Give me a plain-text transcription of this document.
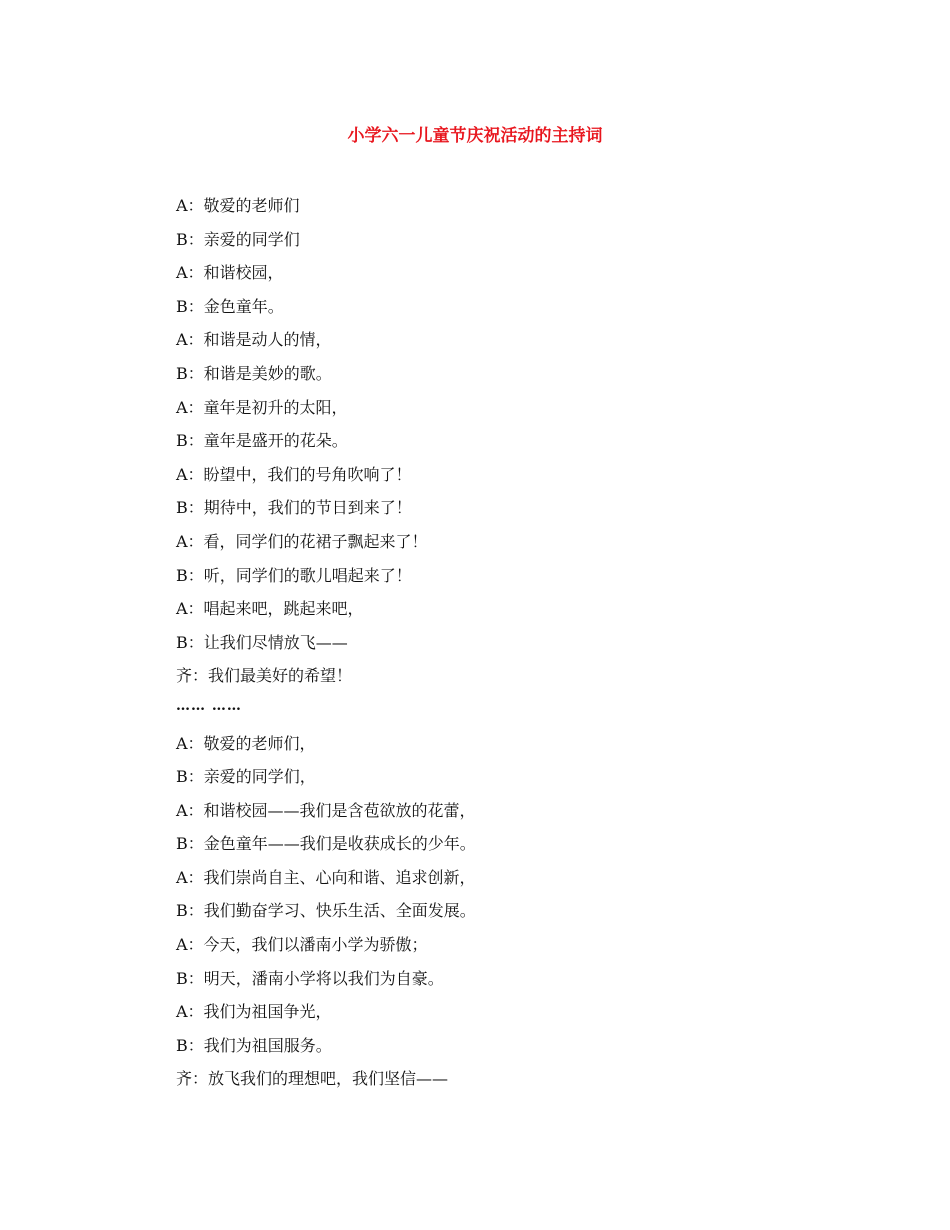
小学六一儿童节庆祝活动的主持词
A：敬爱的老师们
B：亲爱的同学们
A：和谐校园，
B：金色童年。
A：和谐是动人的情，
B：和谐是美妙的歌。
A：童年是初升的太阳，
B：童年是盛开的花朵。
A：盼望中，我们的号角吹响了！
B：期待中，我们的节日到来了！
A：看，同学们的花裙子飘起来了！
B：听，同学们的歌儿唱起来了！
A：唱起来吧，跳起来吧，
B：让我们尽情放飞——
齐：我们最美好的希望！
…… ……
A：敬爱的老师们，
B：亲爱的同学们，
A：和谐校园——我们是含苞欲放的花蕾，
B：金色童年——我们是收获成长的少年。
A：我们崇尚自主、心向和谐、追求创新，
B：我们勤奋学习、快乐生活、全面发展。
A：今天，我们以潘南小学为骄傲；
B：明天，潘南小学将以我们为自豪。
A：我们为祖国争光，
B：我们为祖国服务。
齐：放飞我们的理想吧，我们坚信——
